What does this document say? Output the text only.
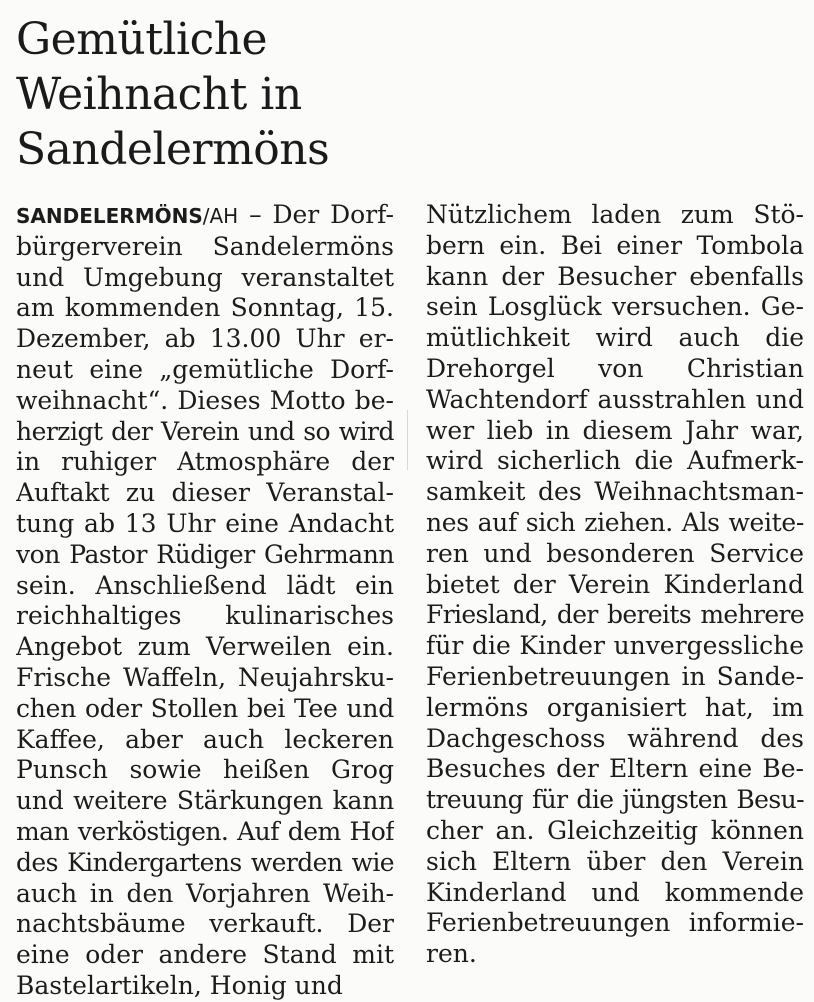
Gemütliche
Weihnacht in
Sandelermöns
SANDELERMÖNS/AH – Der Dorf-
bürgerverein Sandelermöns
und Umgebung veranstaltet
am kommenden Sonntag, 15.
Dezember, ab 13.00 Uhr er-
neut eine „gemütliche Dorf-
weihnacht“. Dieses Motto be-
herzigt der Verein und so wird
in ruhiger Atmosphäre der
Auftakt zu dieser Veranstal-
tung ab 13 Uhr eine Andacht
von Pastor Rüdiger Gehrmann
sein. Anschließend lädt ein
reichhaltiges kulinarisches
Angebot zum Verweilen ein.
Frische Waffeln, Neujahrsku-
chen oder Stollen bei Tee und
Kaffee, aber auch leckeren
Punsch sowie heißen Grog
und weitere Stärkungen kann
man verköstigen. Auf dem Hof
des Kindergartens werden wie
auch in den Vorjahren Weih-
nachtsbäume verkauft. Der
eine oder andere Stand mit
Bastelartikeln, Honig und
Nützlichem laden zum Stö-
bern ein. Bei einer Tombola
kann der Besucher ebenfalls
sein Losglück versuchen. Ge-
mütlichkeit wird auch die
Drehorgel von Christian
Wachtendorf ausstrahlen und
wer lieb in diesem Jahr war,
wird sicherlich die Aufmerk-
samkeit des Weihnachtsman-
nes auf sich ziehen. Als weite-
ren und besonderen Service
bietet der Verein Kinderland
Friesland, der bereits mehrere
für die Kinder unvergessliche
Ferienbetreuungen in Sande-
lermöns organisiert hat, im
Dachgeschoss während des
Besuches der Eltern eine Be-
treuung für die jüngsten Besu-
cher an. Gleichzeitig können
sich Eltern über den Verein
Kinderland und kommende
Ferienbetreuungen informie-
ren.
